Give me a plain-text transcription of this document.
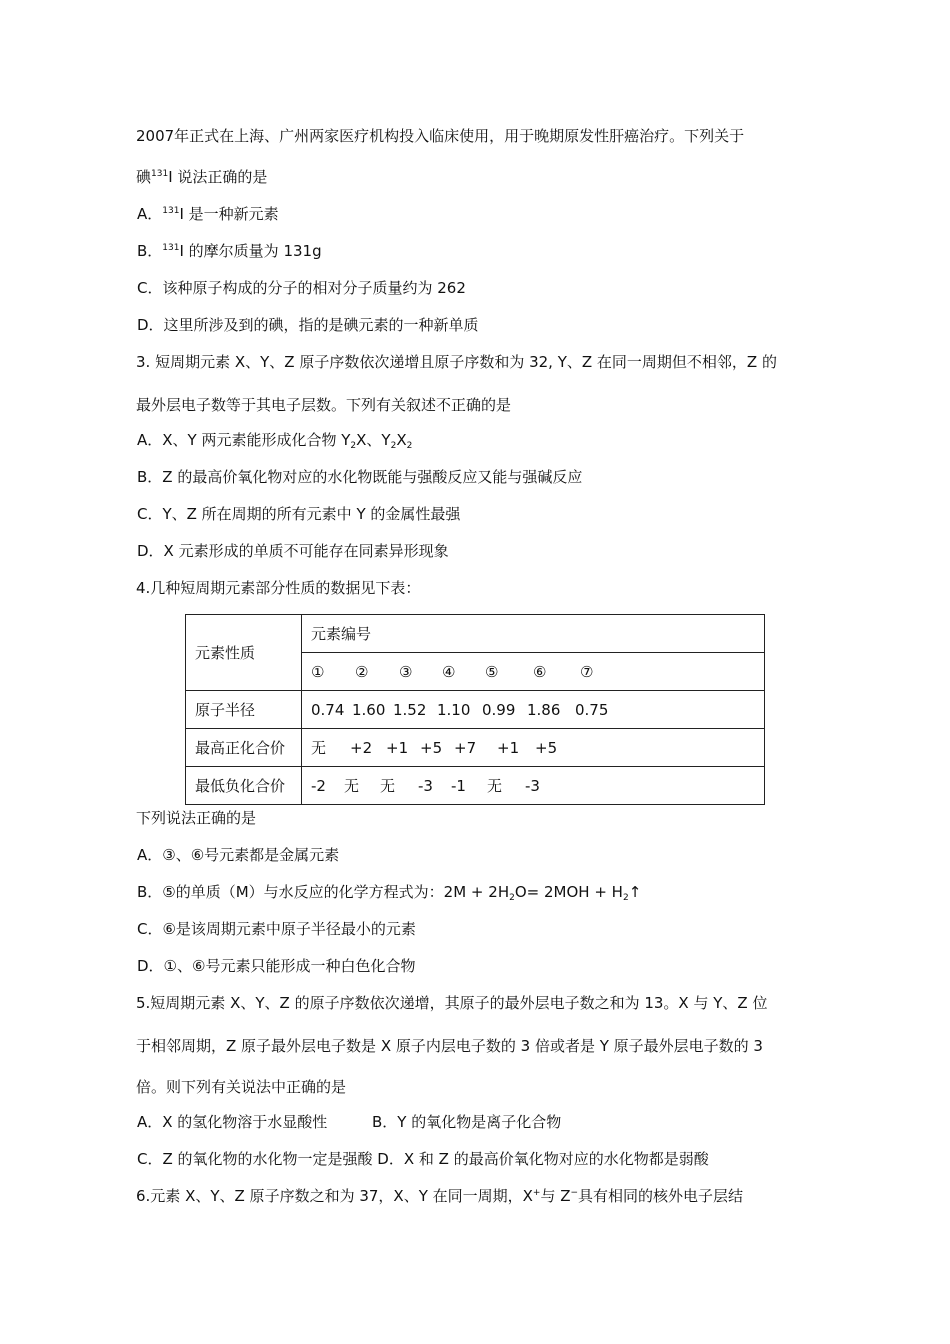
2007年正式在上海、广州两家医疗机构投入临床使用，用于晚期原发性肝癌治疗。下列关于
碘$^{131}$I 说法正确的是
A．$^{131}$I 是一种新元素
B．$^{131}$I 的摩尔质量为 131g
C．该种原子构成的分子的相对分子质量约为 262
D．这里所涉及到的碘，指的是碘元素的一种新单质
3. 短周期元素 X、Y、Z 原子序数依次递增且原子序数和为 32, Y、Z 在同一周期但不相邻，Z 的
最外层电子数等于其电子层数。下列有关叙述不正确的是
A．X、Y 两元素能形成化合物 $Y_2X$、$Y_2X_2$
B．Z 的最高价氧化物对应的水化物既能与强酸反应又能与强碱反应
C．Y、Z 所在周期的所有元素中 Y 的金属性最强
D．X 元素形成的单质不可能存在同素异形现象
4.几种短周期元素部分性质的数据见下表：
元素性质	元素编号
	① ② ③ ④ ⑤ ⑥ ⑦
原子半径	0.74 1.60 1.52 1.10 0.99 1.86 0.75
最高正化合价	无 +2 +1 +5 +7 +1 +5
最低负化合价	-2 无 无 -3 -1 无 -3
下列说法正确的是
A．③、⑥号元素都是金属元素
B．⑤的单质（M）与水反应的化学方程式为：$2M + 2H_2O= 2MOH$ + $H_2↑$
C．⑥是该周期元素中原子半径最小的元素
D．①、⑥号元素只能形成一种白色化合物
5.短周期元素 X、Y、Z 的原子序数依次递增，其原子的最外层电子数之和为 13。X 与 Y、Z 位
于相邻周期，Z 原子最外层电子数是 X 原子内层电子数的 3 倍或者是 Y 原子最外层电子数的 3
倍。则下列有关说法中正确的是
A．X 的氢化物溶于水显酸性	B．Y 的氧化物是离子化合物
C．Z 的氧化物的水化物一定是强酸 D．X 和 Z 的最高价氧化物对应的水化物都是弱酸
6.元素 X、Y、Z 原子序数之和为 37，X、Y 在同一周期，X+与 Z−具有相同的核外电子层结
